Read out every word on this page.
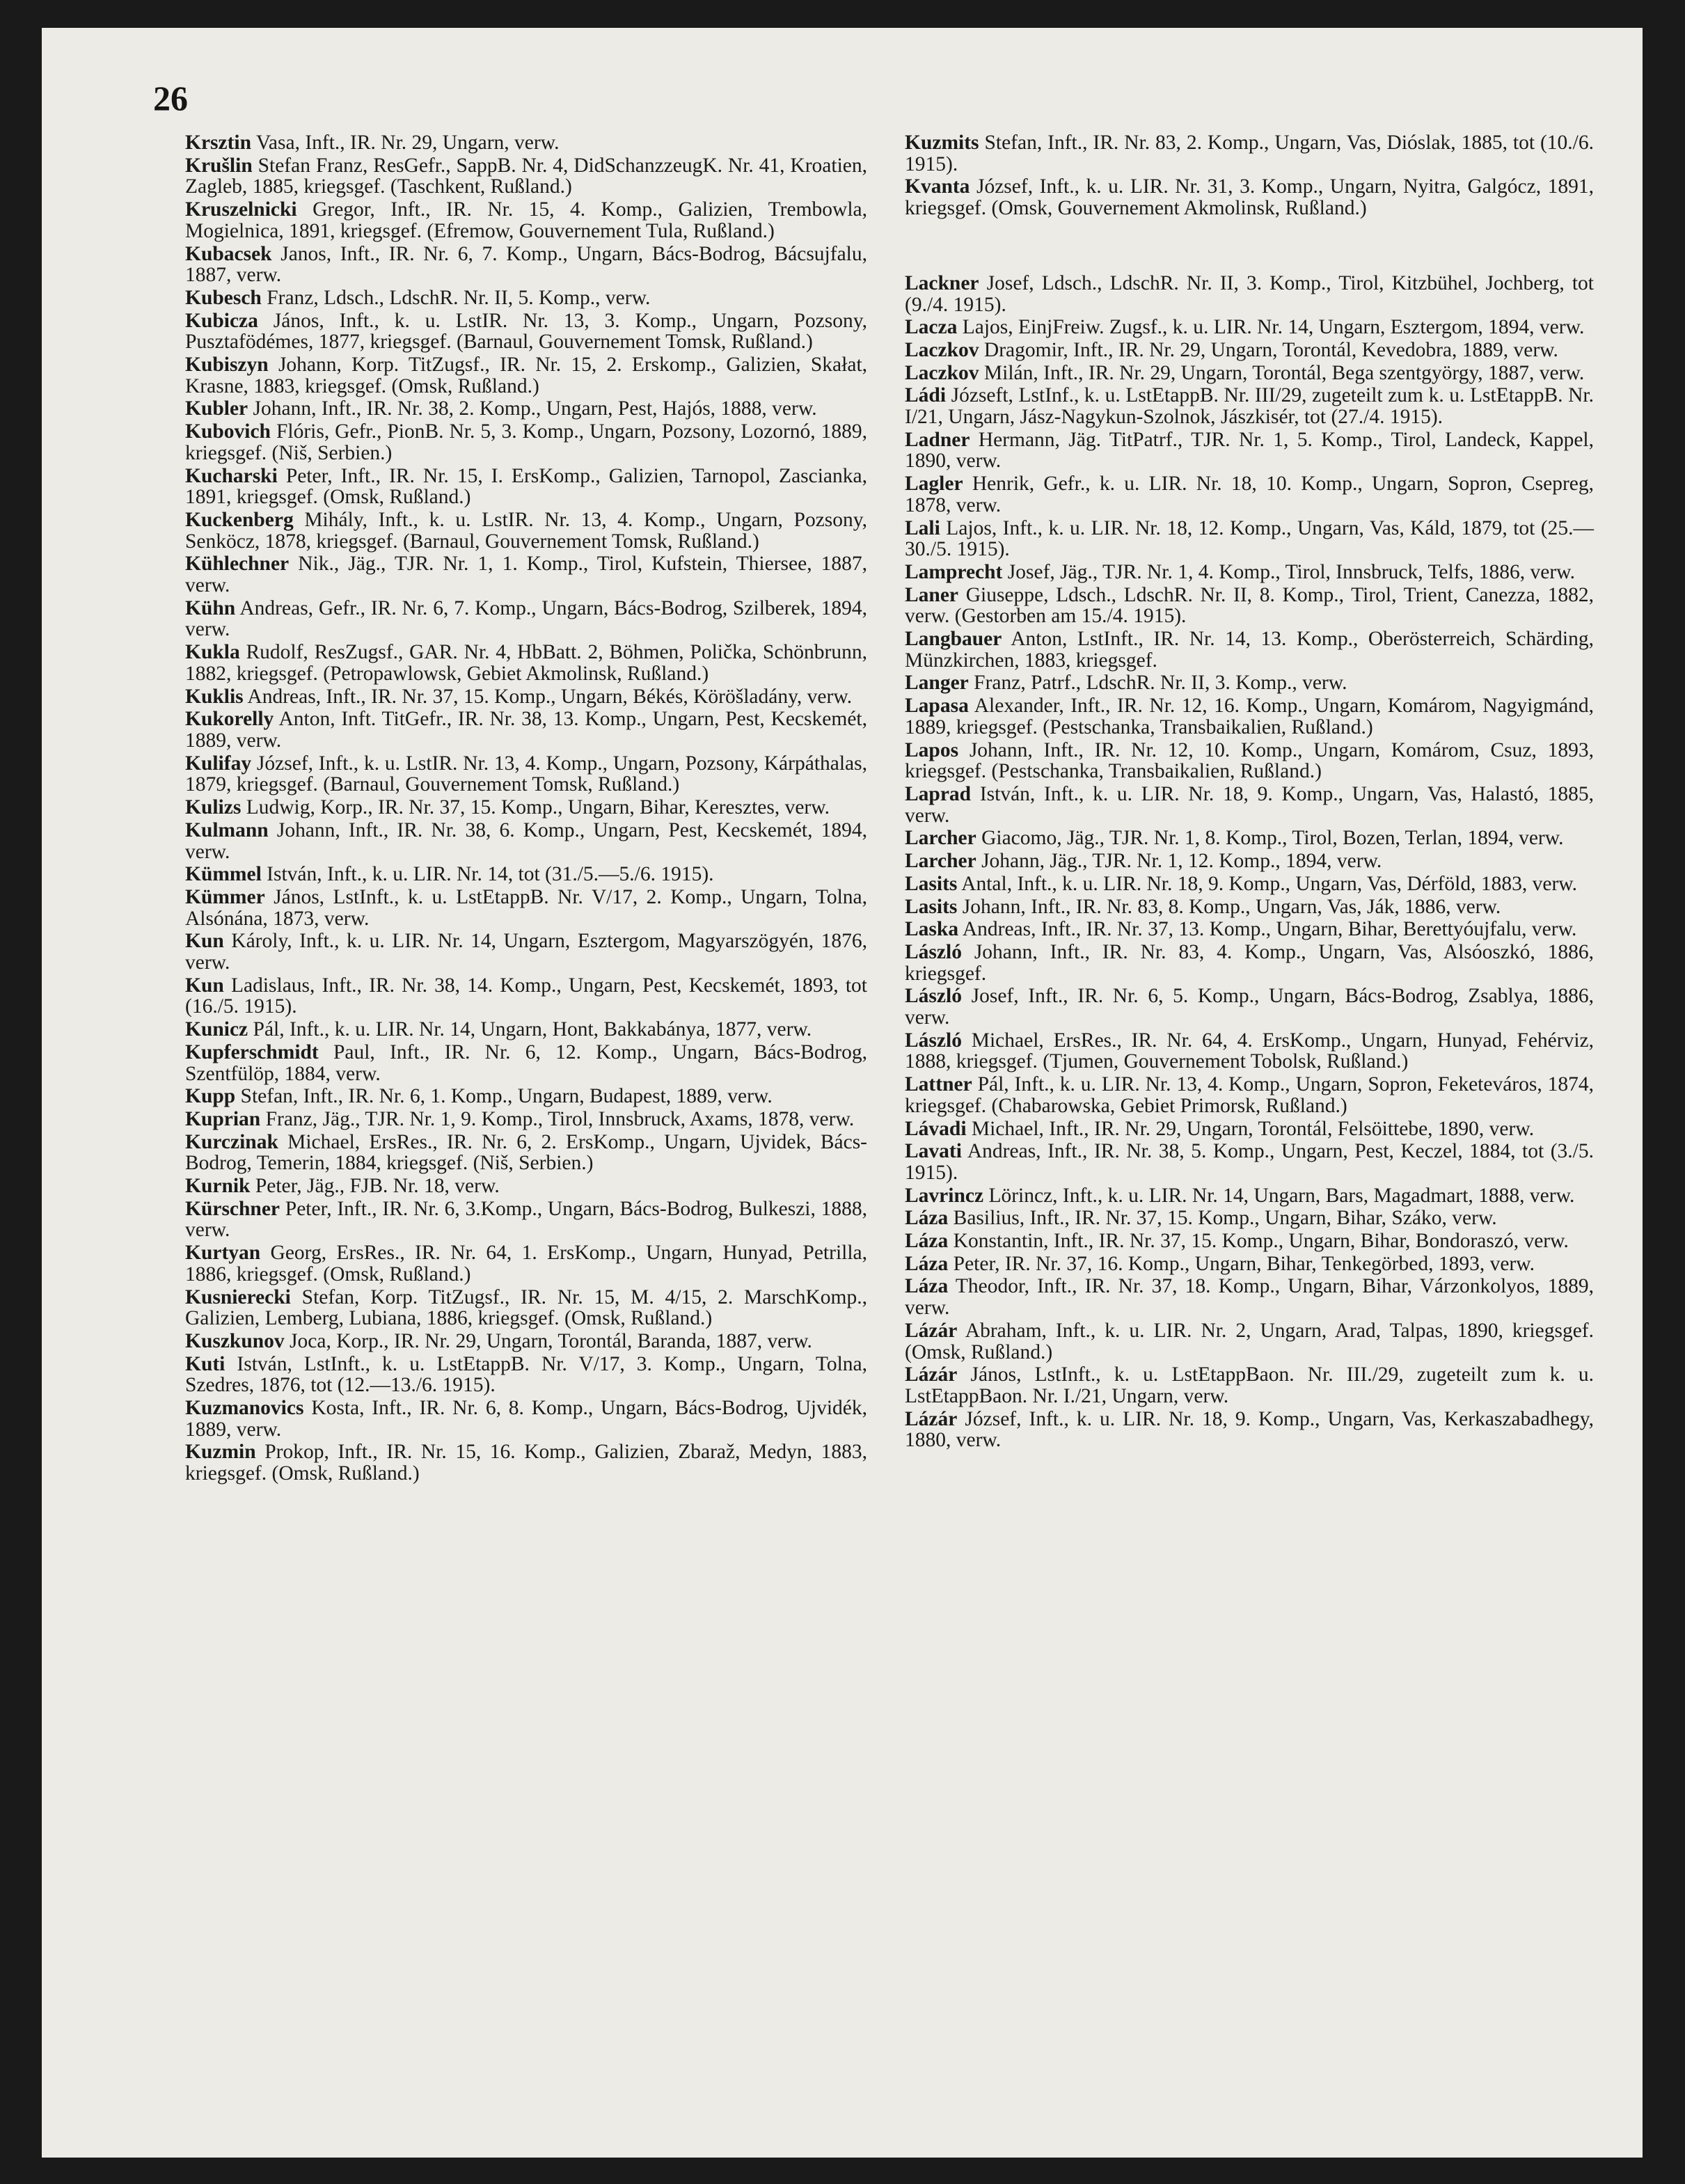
26
Krsztin Vasa, Inft., IR. Nr. 29, Ungarn, verw.
Krušlin Stefan Franz, ResGefr., SappB. Nr. 4, DidSchanzzeugK. Nr. 41, Kroatien, Zagleb, 1885, kriegsgef. (Taschkent, Rußland.)
Kruszelnicki Gregor, Inft., IR. Nr. 15, 4. Komp., Galizien, Trembowla, Mogielnica, 1891, kriegsgef. (Efremow, Gouvernement Tula, Rußland.)
Kubacsek Janos, Inft., IR. Nr. 6, 7. Komp., Ungarn, Bács-Bodrog, Bácsujfalu, 1887, verw.
Kubesch Franz, Ldsch., LdschR. Nr. II, 5. Komp., verw.
Kubicza János, Inft., k. u. LstIR. Nr. 13, 3. Komp., Ungarn, Pozsony, Pusztafödémes, 1877, kriegsgef. (Barnaul, Gouvernement Tomsk, Rußland.)
Kubiszyn Johann, Korp. TitZugsf., IR. Nr. 15, 2. Erskomp., Galizien, Skałat, Krasne, 1883, kriegsgef. (Omsk, Rußland.)
Kubler Johann, Inft., IR. Nr. 38, 2. Komp., Ungarn, Pest, Hajós, 1888, verw.
Kubovich Flóris, Gefr., PionB. Nr. 5, 3. Komp., Ungarn, Pozsony, Lozornó, 1889, kriegsgef. (Niš, Serbien.)
Kucharski Peter, Inft., IR. Nr. 15, I. ErsKomp., Galizien, Tarnopol, Zascianka, 1891, kriegsgef. (Omsk, Rußland.)
Kuckenberg Mihály, Inft., k. u. LstIR. Nr. 13, 4. Komp., Ungarn, Pozsony, Senköcz, 1878, kriegsgef. (Barnaul, Gouvernement Tomsk, Rußland.)
Kühlechner Nik., Jäg., TJR. Nr. 1, 1. Komp., Tirol, Kufstein, Thiersee, 1887, verw.
Kühn Andreas, Gefr., IR. Nr. 6, 7. Komp., Ungarn, Bács-Bodrog, Szilberek, 1894, verw.
Kukla Rudolf, ResZugsf., GAR. Nr. 4, HbBatt. 2, Böhmen, Polička, Schönbrunn, 1882, kriegsgef. (Petropawlowsk, Gebiet Akmolinsk, Rußland.)
Kuklis Andreas, Inft., IR. Nr. 37, 15. Komp., Ungarn, Békés, Köröšladány, verw.
Kukorelly Anton, Inft. TitGefr., IR. Nr. 38, 13. Komp., Ungarn, Pest, Kecskemét, 1889, verw.
Kulifay József, Inft., k. u. LstIR. Nr. 13, 4. Komp., Ungarn, Pozsony, Kárpáthalas, 1879, kriegsgef. (Barnaul, Gouvernement Tomsk, Rußland.)
Kulizs Ludwig, Korp., IR. Nr. 37, 15. Komp., Ungarn, Bihar, Keresztes, verw.
Kulmann Johann, Inft., IR. Nr. 38, 6. Komp., Ungarn, Pest, Kecskemét, 1894, verw.
Kümmel István, Inft., k. u. LIR. Nr. 14, tot (31./5.—5./6. 1915).
Kümmer János, LstInft., k. u. LstEtappB. Nr. V/17, 2. Komp., Ungarn, Tolna, Alsónána, 1873, verw.
Kun Károly, Inft., k. u. LIR. Nr. 14, Ungarn, Esztergom, Magyarszögyén, 1876, verw.
Kun Ladislaus, Inft., IR. Nr. 38, 14. Komp., Ungarn, Pest, Kecskemét, 1893, tot (16./5. 1915).
Kunicz Pál, Inft., k. u. LIR. Nr. 14, Ungarn, Hont, Bakkabánya, 1877, verw.
Kupferschmidt Paul, Inft., IR. Nr. 6, 12. Komp., Ungarn, Bács-Bodrog, Szentfülöp, 1884, verw.
Kupp Stefan, Inft., IR. Nr. 6, 1. Komp., Ungarn, Budapest, 1889, verw.
Kuprian Franz, Jäg., TJR. Nr. 1, 9. Komp., Tirol, Innsbruck, Axams, 1878, verw.
Kurczinak Michael, ErsRes., IR. Nr. 6, 2. ErsKomp., Ungarn, Ujvidek, Bács-Bodrog, Temerin, 1884, kriegsgef. (Niš, Serbien.)
Kurnik Peter, Jäg., FJB. Nr. 18, verw.
Kürschner Peter, Inft., IR. Nr. 6, 3.Komp., Ungarn, Bács-Bodrog, Bulkeszi, 1888, verw.
Kurtyan Georg, ErsRes., IR. Nr. 64, 1. ErsKomp., Ungarn, Hunyad, Petrilla, 1886, kriegsgef. (Omsk, Rußland.)
Kusnierecki Stefan, Korp. TitZugsf., IR. Nr. 15, M. 4/15, 2. MarschKomp., Galizien, Lemberg, Lubiana, 1886, kriegsgef. (Omsk, Rußland.)
Kuszkunov Joca, Korp., IR. Nr. 29, Ungarn, Torontál, Baranda, 1887, verw.
Kuti István, LstInft., k. u. LstEtappB. Nr. V/17, 3. Komp., Ungarn, Tolna, Szedres, 1876, tot (12.—13./6. 1915).
Kuzmanovics Kosta, Inft., IR. Nr. 6, 8. Komp., Ungarn, Bács-Bodrog, Ujvidék, 1889, verw.
Kuzmin Prokop, Inft., IR. Nr. 15, 16. Komp., Galizien, Zbaraž, Medyn, 1883, kriegsgef. (Omsk, Rußland.)
Kuzmits Stefan, Inft., IR. Nr. 83, 2. Komp., Ungarn, Vas, Dióslak, 1885, tot (10./6. 1915).
Kvanta József, Inft., k. u. LIR. Nr. 31, 3. Komp., Ungarn, Nyitra, Galgócz, 1891, kriegsgef. (Omsk, Gouvernement Akmolinsk, Rußland.)
Lackner Josef, Ldsch., LdschR. Nr. II, 3. Komp., Tirol, Kitzbühel, Jochberg, tot (9./4. 1915).
Lacza Lajos, EinjFreiw. Zugsf., k. u. LIR. Nr. 14, Ungarn, Esztergom, 1894, verw.
Laczkov Dragomir, Inft., IR. Nr. 29, Ungarn, Torontál, Kevedobra, 1889, verw.
Laczkov Milán, Inft., IR. Nr. 29, Ungarn, Torontál, Bega szentgyörgy, 1887, verw.
Ládi Józseft, LstInf., k. u. LstEtappB. Nr. III/29, zugeteilt zum k. u. LstEtappB. Nr. I/21, Ungarn, Jász-Nagykun-Szolnok, Jászkisér, tot (27./4. 1915).
Ladner Hermann, Jäg. TitPatrf., TJR. Nr. 1, 5. Komp., Tirol, Landeck, Kappel, 1890, verw.
Lagler Henrik, Gefr., k. u. LIR. Nr. 18, 10. Komp., Ungarn, Sopron, Csepreg, 1878, verw.
Lali Lajos, Inft., k. u. LIR. Nr. 18, 12. Komp., Ungarn, Vas, Káld, 1879, tot (25.—30./5. 1915).
Lamprecht Josef, Jäg., TJR. Nr. 1, 4. Komp., Tirol, Innsbruck, Telfs, 1886, verw.
Laner Giuseppe, Ldsch., LdschR. Nr. II, 8. Komp., Tirol, Trient, Canezza, 1882, verw. (Gestorben am 15./4. 1915).
Langbauer Anton, LstInft., IR. Nr. 14, 13. Komp., Oberösterreich, Schärding, Münzkirchen, 1883, kriegsgef.
Langer Franz, Patrf., LdschR. Nr. II, 3. Komp., verw.
Lapasa Alexander, Inft., IR. Nr. 12, 16. Komp., Ungarn, Komárom, Nagyigmánd, 1889, kriegsgef. (Pestschanka, Transbaikalien, Rußland.)
Lapos Johann, Inft., IR. Nr. 12, 10. Komp., Ungarn, Komárom, Csuz, 1893, kriegsgef. (Pestschanka, Transbaikalien, Rußland.)
Laprad István, Inft., k. u. LIR. Nr. 18, 9. Komp., Ungarn, Vas, Halastó, 1885, verw.
Larcher Giacomo, Jäg., TJR. Nr. 1, 8. Komp., Tirol, Bozen, Terlan, 1894, verw.
Larcher Johann, Jäg., TJR. Nr. 1, 12. Komp., 1894, verw.
Lasits Antal, Inft., k. u. LIR. Nr. 18, 9. Komp., Ungarn, Vas, Dérföld, 1883, verw.
Lasits Johann, Inft., IR. Nr. 83, 8. Komp., Ungarn, Vas, Ják, 1886, verw.
Laska Andreas, Inft., IR. Nr. 37, 13. Komp., Ungarn, Bihar, Berettyóujfalu, verw.
László Johann, Inft., IR. Nr. 83, 4. Komp., Ungarn, Vas, Alsóoszkó, 1886, kriegsgef.
László Josef, Inft., IR. Nr. 6, 5. Komp., Ungarn, Bács-Bodrog, Zsablya, 1886, verw.
László Michael, ErsRes., IR. Nr. 64, 4. ErsKomp., Ungarn, Hunyad, Fehérviz, 1888, kriegsgef. (Tjumen, Gouvernement Tobolsk, Rußland.)
Lattner Pál, Inft., k. u. LIR. Nr. 13, 4. Komp., Ungarn, Sopron, Feketeváros, 1874, kriegsgef. (Chabarowska, Gebiet Primorsk, Rußland.)
Lávadi Michael, Inft., IR. Nr. 29, Ungarn, Torontál, Felsöittebe, 1890, verw.
Lavati Andreas, Inft., IR. Nr. 38, 5. Komp., Ungarn, Pest, Keczel, 1884, tot (3./5. 1915).
Lavrincz Lörincz, Inft., k. u. LIR. Nr. 14, Ungarn, Bars, Magadmart, 1888, verw.
Láza Basilius, Inft., IR. Nr. 37, 15. Komp., Ungarn, Bihar, Száko, verw.
Láza Konstantin, Inft., IR. Nr. 37, 15. Komp., Ungarn, Bihar, Bondoraszó, verw.
Láza Peter, IR. Nr. 37, 16. Komp., Ungarn, Bihar, Tenkegörbed, 1893, verw.
Láza Theodor, Inft., IR. Nr. 37, 18. Komp., Ungarn, Bihar, Várzonkolyos, 1889, verw.
Lázár Abraham, Inft., k. u. LIR. Nr. 2, Ungarn, Arad, Talpas, 1890, kriegsgef. (Omsk, Rußland.)
Lázár János, LstInft., k. u. LstEtappBaon. Nr. III./29, zugeteilt zum k. u. LstEtappBaon. Nr. I./21, Ungarn, verw.
Lázár József, Inft., k. u. LIR. Nr. 18, 9. Komp., Ungarn, Vas, Kerkaszabadhegy, 1880, verw.
